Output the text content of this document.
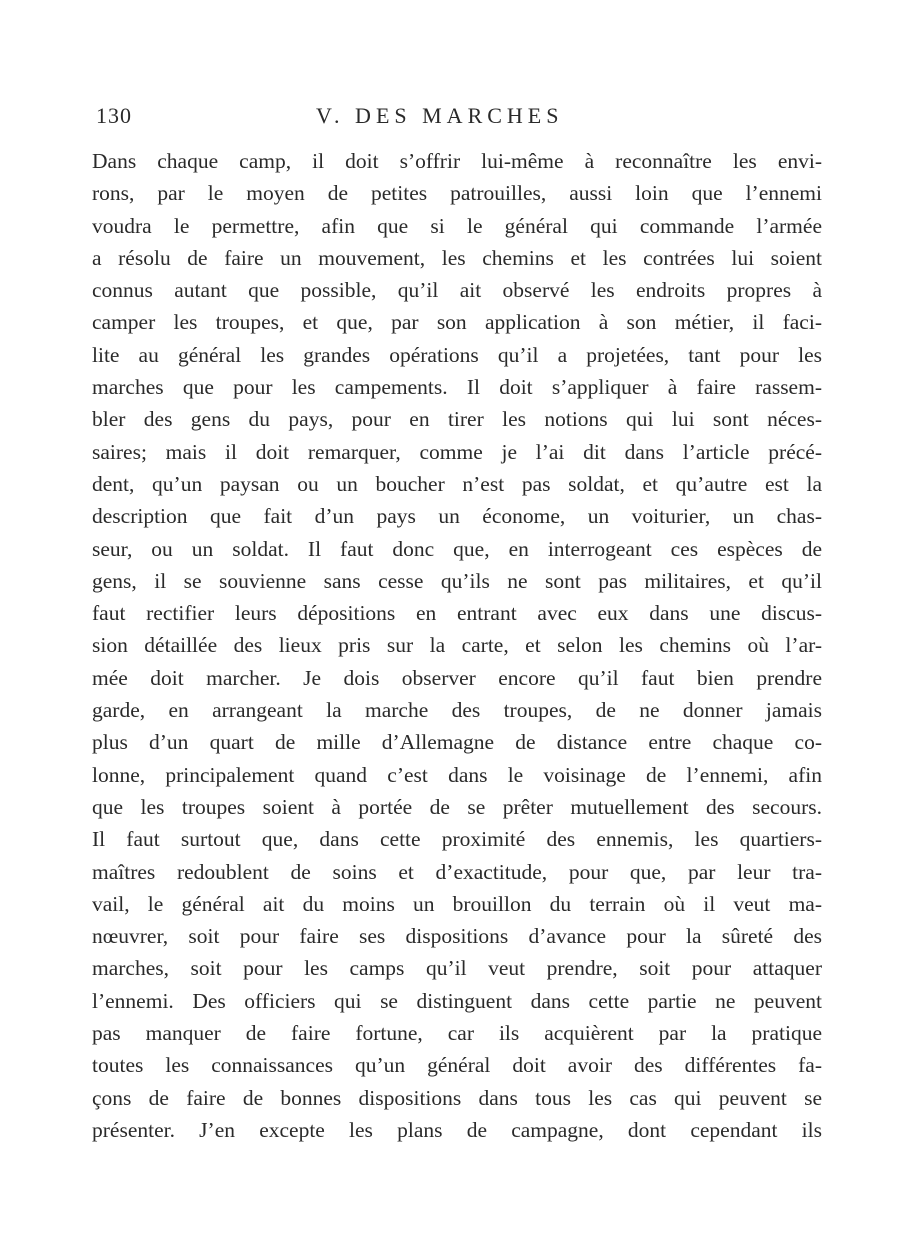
130	V. DES MARCHES
Dans chaque camp, il doit s’offrir lui-même à reconnaître les envi-
rons, par le moyen de petites patrouilles, aussi loin que l’ennemi
voudra le permettre, afin que si le général qui commande l’armée
a résolu de faire un mouvement, les chemins et les contrées lui soient
connus autant que possible, qu’il ait observé les endroits propres à
camper les troupes, et que, par son application à son métier, il faci-
lite au général les grandes opérations qu’il a projetées, tant pour les
marches que pour les campements. Il doit s’appliquer à faire rassem-
bler des gens du pays, pour en tirer les notions qui lui sont néces-
saires; mais il doit remarquer, comme je l’ai dit dans l’article précé-
dent, qu’un paysan ou un boucher n’est pas soldat, et qu’autre est la
description que fait d’un pays un économe, un voiturier, un chas-
seur, ou un soldat. Il faut donc que, en interrogeant ces espèces de
gens, il se souvienne sans cesse qu’ils ne sont pas militaires, et qu’il
faut rectifier leurs dépositions en entrant avec eux dans une discus-
sion détaillée des lieux pris sur la carte, et selon les chemins où l’ar-
mée doit marcher. Je dois observer encore qu’il faut bien prendre
garde, en arrangeant la marche des troupes, de ne donner jamais
plus d’un quart de mille d’Allemagne de distance entre chaque co-
lonne, principalement quand c’est dans le voisinage de l’ennemi, afin
que les troupes soient à portée de se prêter mutuellement des secours.
Il faut surtout que, dans cette proximité des ennemis, les quartiers-
maîtres redoublent de soins et d’exactitude, pour que, par leur tra-
vail, le général ait du moins un brouillon du terrain où il veut ma-
nœuvrer, soit pour faire ses dispositions d’avance pour la sûreté des
marches, soit pour les camps qu’il veut prendre, soit pour attaquer
l’ennemi. Des officiers qui se distinguent dans cette partie ne peuvent
pas manquer de faire fortune, car ils acquièrent par la pratique
toutes les connaissances qu’un général doit avoir des différentes fa-
çons de faire de bonnes dispositions dans tous les cas qui peuvent se
présenter. J’en excepte les plans de campagne, dont cependant ils
